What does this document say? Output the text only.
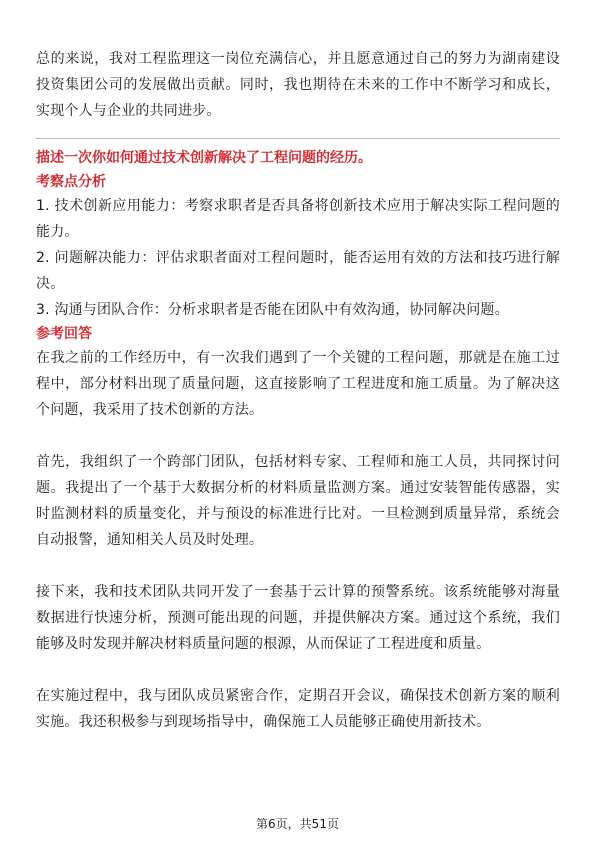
总的来说，我对工程监理这一岗位充满信心，并且愿意通过自己的努力为湖南建设投资集团公司的发展做出贡献。同时，我也期待在未来的工作中不断学习和成长，实现个人与企业的共同进步。

描述一次你如何通过技术创新解决了工程问题的经历。

考察点分析

1. 技术创新应用能力：考察求职者是否具备将创新技术应用于解决实际工程问题的能力。

2. 问题解决能力：评估求职者面对工程问题时，能否运用有效的方法和技巧进行解决。

3. 沟通与团队合作：分析求职者是否能在团队中有效沟通，协同解决问题。

参考回答

在我之前的工作经历中，有一次我们遇到了一个关键的工程问题，那就是在施工过程中，部分材料出现了质量问题，这直接影响了工程进度和施工质量。为了解决这个问题，我采用了技术创新的方法。

首先，我组织了一个跨部门团队，包括材料专家、工程师和施工人员，共同探讨问题。我提出了一个基于大数据分析的材料质量监测方案。通过安装智能传感器，实时监测材料的质量变化，并与预设的标准进行比对。一旦检测到质量异常，系统会自动报警，通知相关人员及时处理。

接下来，我和技术团队共同开发了一套基于云计算的预警系统。该系统能够对海量数据进行快速分析，预测可能出现的问题，并提供解决方案。通过这个系统，我们能够及时发现并解决材料质量问题的根源，从而保证了工程进度和质量。

在实施过程中，我与团队成员紧密合作，定期召开会议，确保技术创新方案的顺利实施。我还积极参与到现场指导中，确保施工人员能够正确使用新技术。

第6页，共51页
